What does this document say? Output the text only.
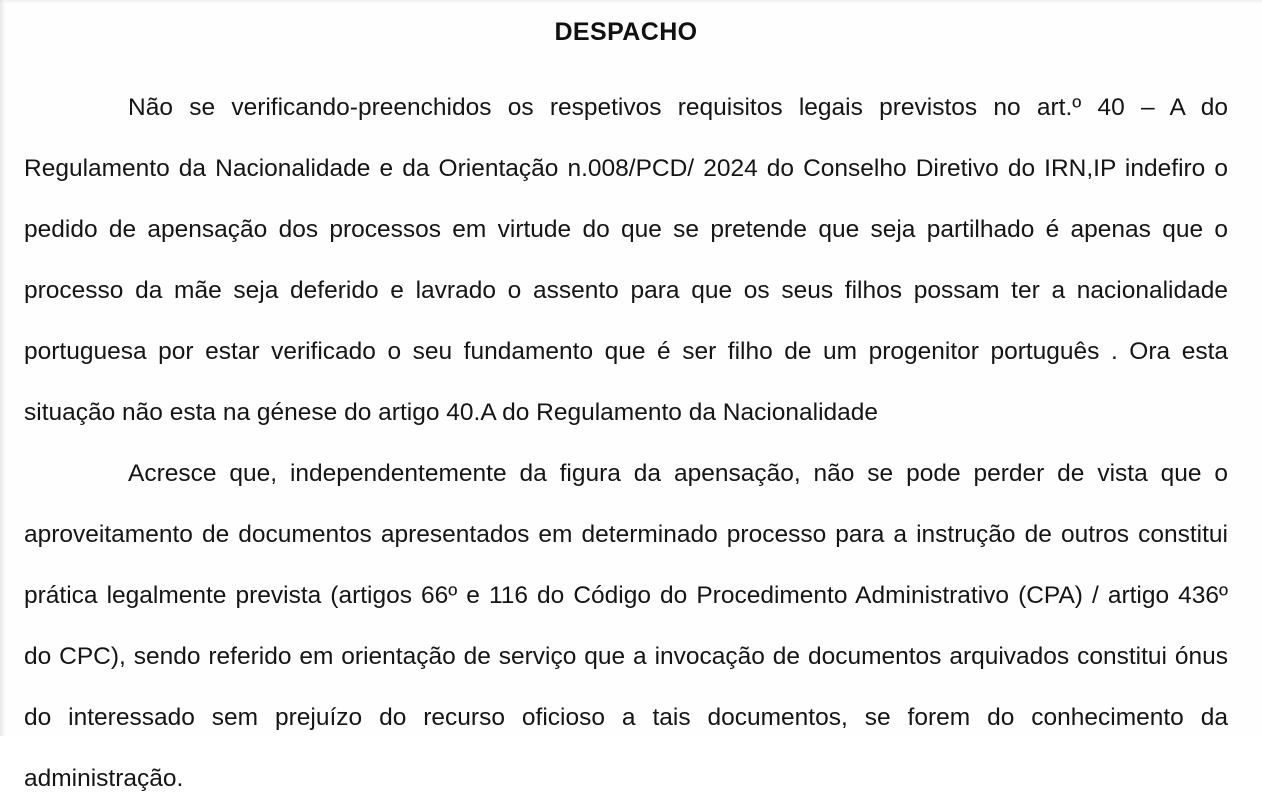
DESPACHO

Não se verificando-preenchidos os respetivos requisitos legais previstos no art.º 40 – A do Regulamento da Nacionalidade e da Orientação n.008/PCD/ 2024 do Conselho Diretivo do IRN,IP indefiro o pedido de apensação dos processos em virtude do que se pretende que seja partilhado é apenas que o processo da mãe seja deferido e lavrado o assento para que os seus filhos possam ter a nacionalidade portuguesa por estar verificado o seu fundamento que é ser filho de um progenitor português . Ora esta situação não esta na génese do artigo 40.A do Regulamento da Nacionalidade

Acresce que, independentemente da figura da apensação, não se pode perder de vista que o aproveitamento de documentos apresentados em determinado processo para a instrução de outros constitui prática legalmente prevista (artigos 66º e 116 do Código do Procedimento Administrativo (CPA) / artigo 436º do CPC), sendo referido em orientação de serviço que a invocação de documentos arquivados constitui ónus do interessado sem prejuízo do recurso oficioso a tais documentos, se forem do conhecimento da administração.
